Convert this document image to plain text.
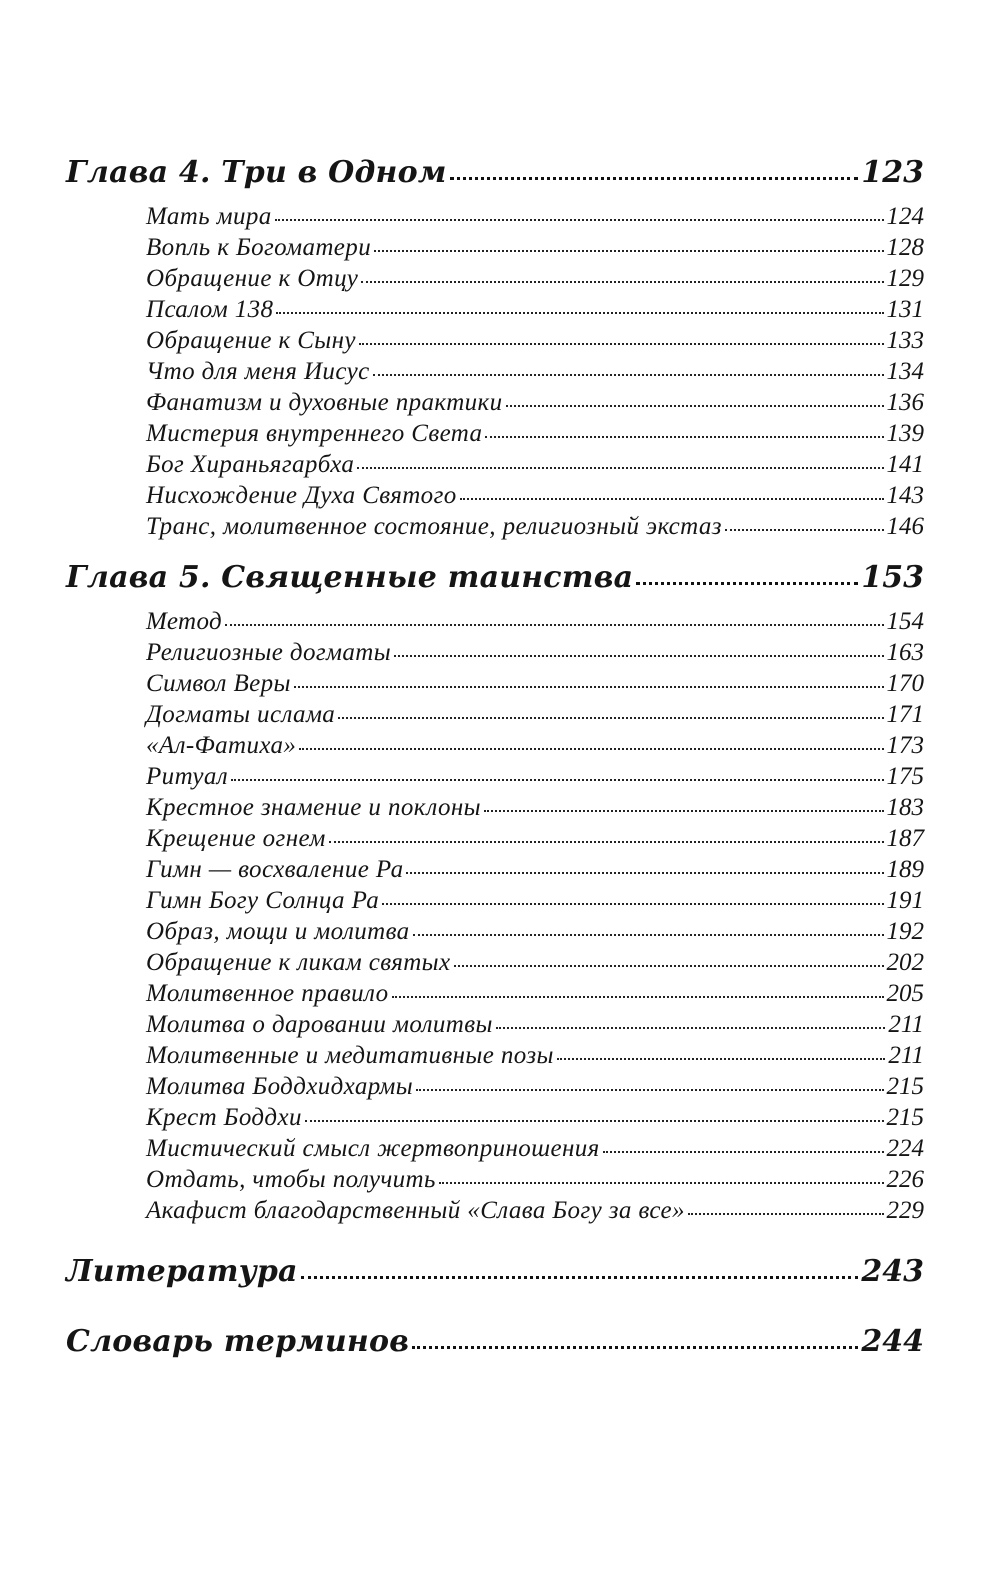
Глава 4. Три в Одном	123
Мать мира	124
Вопль к Богоматери	128
Обращение к Отцу	129
Псалом 138	131
Обращение к Сыну	133
Что для меня Иисус	134
Фанатизм и духовные практики	136
Мистерия внутреннего Света	139
Бог Хираньягарбха	141
Нисхождение Духа Святого	143
Транс, молитвенное состояние, религиозный экстаз	146
Глава 5. Священные таинства	153
Метод	154
Религиозные догматы	163
Символ Веры	170
Догматы ислама	171
«Ал-Фатиха»	173
Ритуал	175
Крестное знамение и поклоны	183
Крещение огнем	187
Гимн — восхваление Ра	189
Гимн Богу Солнца Ра	191
Образ, мощи и молитва	192
Обращение к ликам святых	202
Молитвенное правило	205
Молитва о даровании молитвы	211
Молитвенные и медитативные позы	211
Молитва Боддхидхармы	215
Крест Боддхи	215
Мистический смысл жертвоприношения	224
Отдать, чтобы получить	226
Акафист благодарственный «Слава Богу за все»	229
Литература	243
Словарь терминов	244
